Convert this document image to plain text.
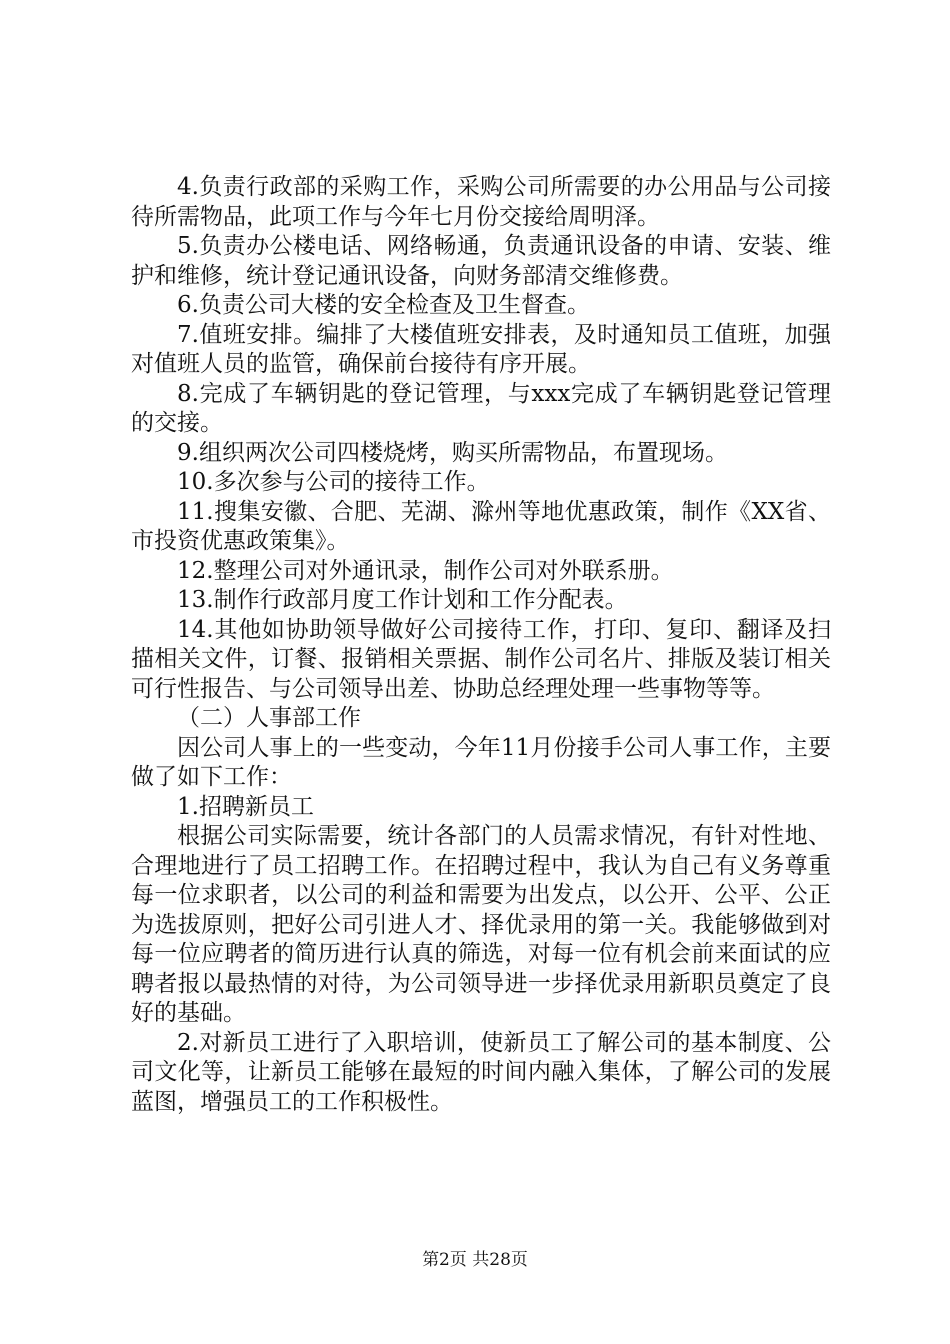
4.负责行政部的采购工作，采购公司所需要的办公用品与公司接待所需物品，此项工作与今年七月份交接给周明泽。

5.负责办公楼电话、网络畅通，负责通讯设备的申请、安装、维护和维修，统计登记通讯设备，向财务部清交维修费。

6.负责公司大楼的安全检查及卫生督查。

7.值班安排。编排了大楼值班安排表，及时通知员工值班，加强对值班人员的监管，确保前台接待有序开展。

8.完成了车辆钥匙的登记管理，与xxx完成了车辆钥匙登记管理的交接。

9.组织两次公司四楼烧烤，购买所需物品，布置现场。

10.多次参与公司的接待工作。

11.搜集安徽、合肥、芜湖、滁州等地优惠政策，制作《XX省、市投资优惠政策集》。

12.整理公司对外通讯录，制作公司对外联系册。

13.制作行政部月度工作计划和工作分配表。

14.其他如协助领导做好公司接待工作，打印、复印、翻译及扫描相关文件，订餐、报销相关票据、制作公司名片、排版及装订相关可行性报告、与公司领导出差、协助总经理处理一些事物等等。

（二）人事部工作

因公司人事上的一些变动，今年11月份接手公司人事工作，主要做了如下工作：

1.招聘新员工

根据公司实际需要，统计各部门的人员需求情况，有针对性地、合理地进行了员工招聘工作。在招聘过程中，我认为自己有义务尊重每一位求职者，以公司的利益和需要为出发点，以公开、公平、公正为选拔原则，把好公司引进人才、择优录用的第一关。我能够做到对每一位应聘者的简历进行认真的筛选，对每一位有机会前来面试的应聘者报以最热情的对待，为公司领导进一步择优录用新职员奠定了良好的基础。

2.对新员工进行了入职培训，使新员工了解公司的基本制度、公司文化等，让新员工能够在最短的时间内融入集体，了解公司的发展蓝图，增强员工的工作积极性。

第2页 共28页
